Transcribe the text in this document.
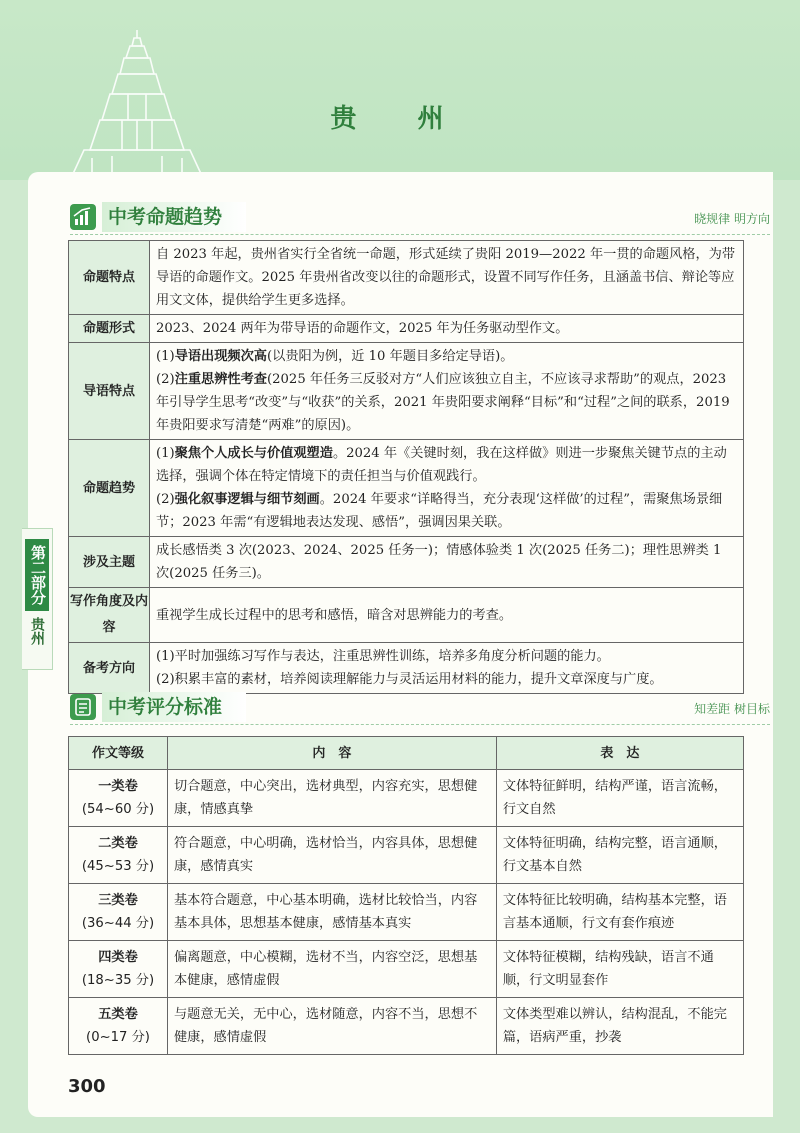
贵 州
第二部分
贵州
中考命题趋势	晓规律 明方向
命题特点	自 2023 年起，贵州省实行全省统一命题，形式延续了贵阳 2019—2022 年一贯的命题风格，为带导语的命题作文。2025 年贵州省改变以往的命题形式，设置不同写作任务，且涵盖书信、辩论等应用文文体，提供给学生更多选择。
命题形式	2023、2024 两年为带导语的命题作文，2025 年为任务驱动型作文。
导语特点	(1)导语出现频次高(以贵阳为例，近 10 年题目多给定导语)。
(2)注重思辨性考查(2025 年任务三反驳对方“人们应该独立自主，不应该寻求帮助”的观点，2023 年引导学生思考“改变”与“收获”的关系，2021 年贵阳要求阐释“目标”和“过程”之间的联系，2019 年贵阳要求写清楚“两难”的原因)。

命题趋势	(1)聚焦个人成长与价值观塑造。2024 年《关键时刻，我在这样做》则进一步聚焦关键节点的主动选择，强调个体在特定情境下的责任担当与价值观践行。
(2)强化叙事逻辑与细节刻画。2024 年要求“详略得当，充分表现‘这样做’的过程”，需聚焦场景细节；2023 年需“有逻辑地表达发现、感悟”，强调因果关联。

涉及主题	成长感悟类 3 次(2023、2024、2025 任务一)；情感体验类 1 次(2025 任务二)；理性思辨类 1 次(2025 任务三)。
写作角度及内容	重视学生成长过程中的思考和感悟，暗含对思辨能力的考查。
备考方向	(1)平时加强练习写作与表达，注重思辨性训练，培养多角度分析问题的能力。
(2)积累丰富的素材，培养阅读理解能力与灵活运用材料的能力，提升文章深度与广度。
中考评分标准	知差距 树目标
作文等级	内　容	表　达

一类卷
(54~60 分)	切合题意，中心突出，选材典型，内容充实，思想健康，情感真挚	文体特征鲜明，结构严谨，语言流畅，行文自然

二类卷
(45~53 分)	符合题意，中心明确，选材恰当，内容具体，思想健康，感情真实	文体特征明确，结构完整，语言通顺，行文基本自然

三类卷
(36~44 分)	基本符合题意，中心基本明确，选材比较恰当，内容基本具体，思想基本健康，感情基本真实	文体特征比较明确，结构基本完整，语言基本通顺，行文有套作痕迹

四类卷
(18~35 分)	偏离题意，中心模糊，选材不当，内容空泛，思想基本健康，感情虚假	文体特征模糊，结构残缺，语言不通顺，行文明显套作

五类卷
(0~17 分)	与题意无关，无中心，选材随意，内容不当，思想不健康，感情虚假	文体类型难以辨认，结构混乱，不能完篇，语病严重，抄袭
300
